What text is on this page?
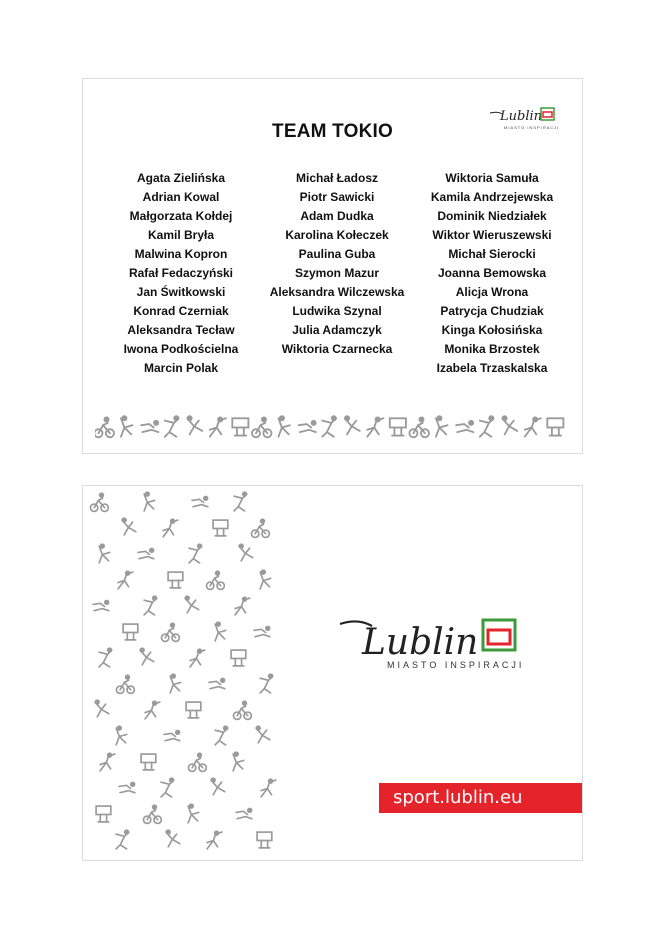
Lublin
MIASTO INSPIRACJI
TEAM TOKIO
Agata Zielińska
Adrian Kowal
Małgorzata Kołdej
Kamil Bryła
Malwina Kopron
Rafał Fedaczyński
Jan Świtkowski
Konrad Czerniak
Aleksandra Tecław
Iwona Podkościelna
Marcin Polak
Michał Ładosz
Piotr Sawicki
Adam Dudka
Karolina Kołeczek
Paulina Guba
Szymon Mazur
Aleksandra Wilczewska
Ludwika Szynal
Julia Adamczyk
Wiktoria Czarnecka
Wiktoria Samuła
Kamila Andrzejewska
Dominik Niedziałek
Wiktor Wieruszewski
Michał Sierocki
Joanna Bemowska
Alicja Wrona
Patrycja Chudziak
Kinga Kołosińska
Monika Brzostek
Izabela Trzaskalska
Lublin
MIASTO INSPIRACJI
sport.lublin.eu
